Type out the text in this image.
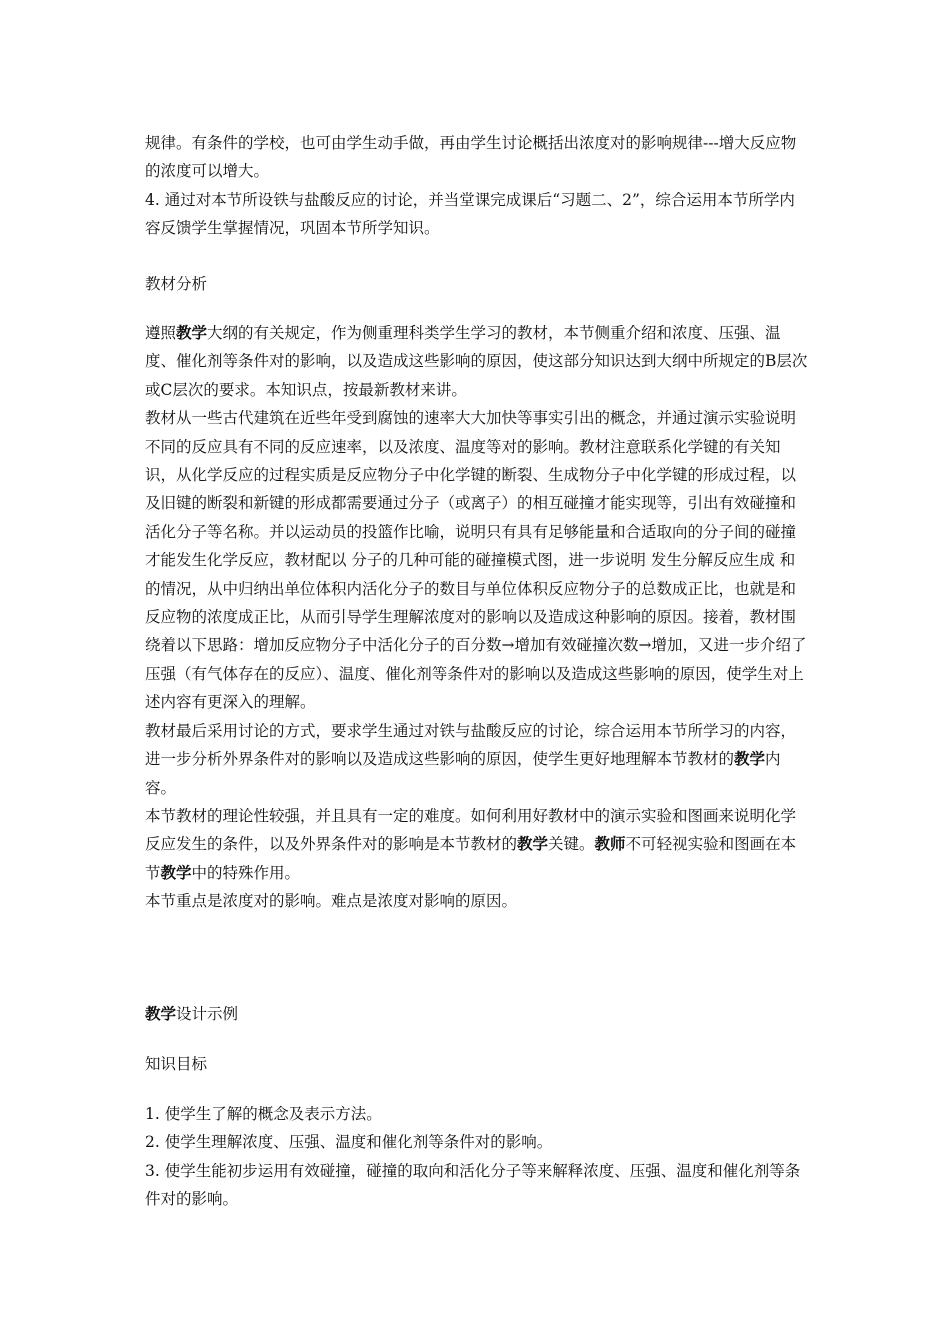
规律。有条件的学校，也可由学生动手做，再由学生讨论概括出浓度对的影响规律---增大反应物的浓度可以增大。

4. 通过对本节所设铁与盐酸反应的讨论，并当堂课完成课后“习题二、2”，综合运用本节所学内容反馈学生掌握情况，巩固本节所学知识。

教材分析

遵照教学大纲的有关规定，作为侧重理科类学生学习的教材，本节侧重介绍和浓度、压强、温度、催化剂等条件对的影响，以及造成这些影响的原因，使这部分知识达到大纲中所规定的B层次或C层次的要求。本知识点，按最新教材来讲。

教材从一些古代建筑在近些年受到腐蚀的速率大大加快等事实引出的概念，并通过演示实验说明不同的反应具有不同的反应速率，以及浓度、温度等对的影响。教材注意联系化学键的有关知识，从化学反应的过程实质是反应物分子中化学键的断裂、生成物分子中化学键的形成过程，以及旧键的断裂和新键的形成都需要通过分子（或离子）的相互碰撞才能实现等，引出有效碰撞和活化分子等名称。并以运动员的投篮作比喻，说明只有具有足够能量和合适取向的分子间的碰撞才能发生化学反应，教材配以 分子的几种可能的碰撞模式图，进一步说明 发生分解反应生成 和 的情况，从中归纳出单位体积内活化分子的数目与单位体积反应物分子的总数成正比，也就是和反应物的浓度成正比，从而引导学生理解浓度对的影响以及造成这种影响的原因。接着，教材围绕着以下思路：增加反应物分子中活化分子的百分数→增加有效碰撞次数→增加，又进一步介绍了压强（有气体存在的反应）、温度、催化剂等条件对的影响以及造成这些影响的原因，使学生对上述内容有更深入的理解。

教材最后采用讨论的方式，要求学生通过对铁与盐酸反应的讨论，综合运用本节所学习的内容，进一步分析外界条件对的影响以及造成这些影响的原因，使学生更好地理解本节教材的教学内容。

本节教材的理论性较强，并且具有一定的难度。如何利用好教材中的演示实验和图画来说明化学反应发生的条件，以及外界条件对的影响是本节教材的教学关键。教师不可轻视实验和图画在本节教学中的特殊作用。

本节重点是浓度对的影响。难点是浓度对影响的原因。

教学设计示例

知识目标

1. 使学生了解的概念及表示方法。

2. 使学生理解浓度、压强、温度和催化剂等条件对的影响。

3. 使学生能初步运用有效碰撞，碰撞的取向和活化分子等来解释浓度、压强、温度和催化剂等条件对的影响。
